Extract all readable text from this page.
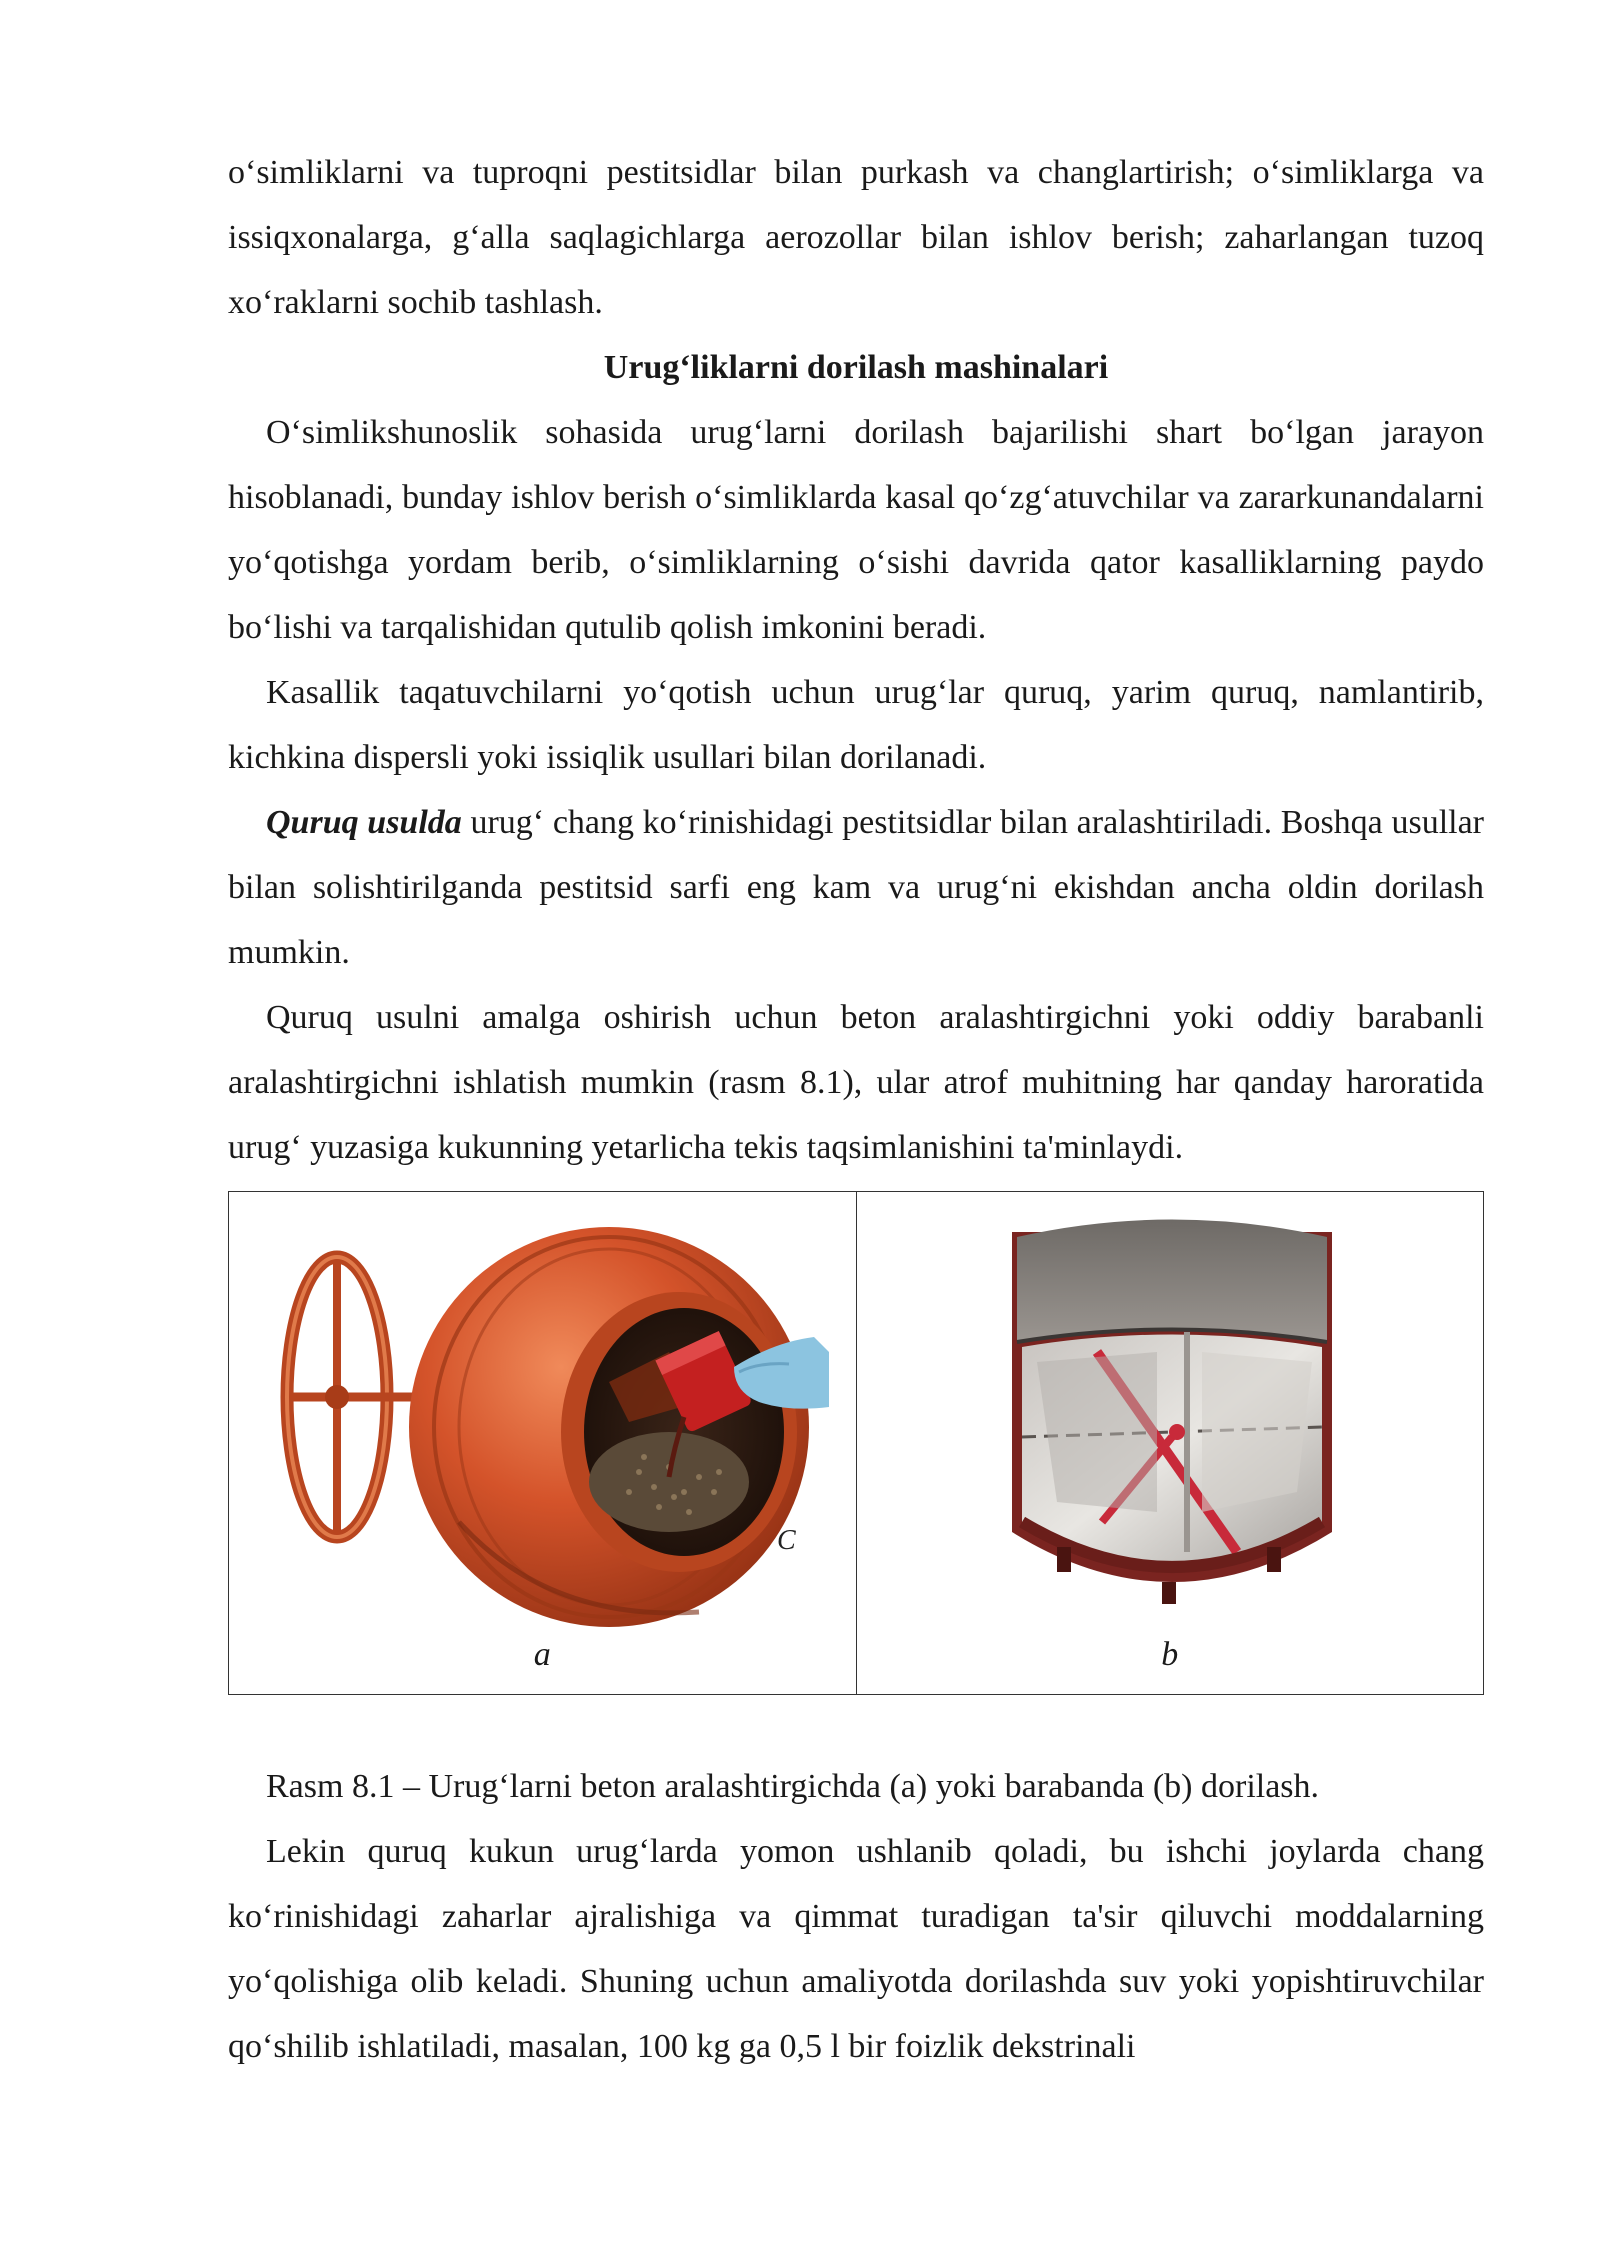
o‘simliklarni va tuproqni pestitsidlar bilan purkash va changlartirish; o‘simliklarga va issiqxonalarga, g‘alla saqlagichlarga aerozollar bilan ishlov berish; zaharlangan tuzoq xo‘raklarni sochib tashlash.

Urug‘liklarni dorilash mashinalari

O‘simlikshunoslik sohasida urug‘larni dorilash bajarilishi shart bo‘lgan jarayon hisoblanadi, bunday ishlov berish o‘simliklarda kasal qo‘zg‘atuvchilar va zararkunandalarni yo‘qotishga yordam berib, o‘simliklarning o‘sishi davrida qator kasalliklarning paydo bo‘lishi va tarqalishidan qutulib qolish imkonini beradi.

Kasallik taqatuvchilarni yo‘qotish uchun urug‘lar quruq, yarim quruq, namlantirib, kichkina dispersli yoki issiqlik usullari bilan dorilanadi.

Quruq usulda urug‘ chang ko‘rinishidagi pestitsidlar bilan aralashtiriladi. Boshqa usullar bilan solishtirilganda pestitsid sarfi eng kam va urug‘ni ekishdan ancha oldin dorilash mumkin.

Quruq usulni amalga oshirish uchun beton aralashtirgichni yoki oddiy barabanli aralashtirgichni ishlatish mumkin (rasm 8.1), ular atrof muhitning har qanday haroratida urug‘ yuzasiga kukunning yetarlicha tekis taqsimlanishini ta'minlaydi.

C
a	b

Rasm 8.1 – Urug‘larni beton aralashtirgichda (a) yoki barabanda (b) dorilash.

Lekin quruq kukun urug‘larda yomon ushlanib qoladi, bu ishchi joylarda chang ko‘rinishidagi zaharlar ajralishiga va qimmat turadigan ta'sir qiluvchi moddalarning yo‘qolishiga olib keladi. Shuning uchun amaliyotda dorilashda suv yoki yopishtiruvchilar qo‘shilib ishlatiladi, masalan, 100 kg ga 0,5 l bir foizlik dekstrinali
